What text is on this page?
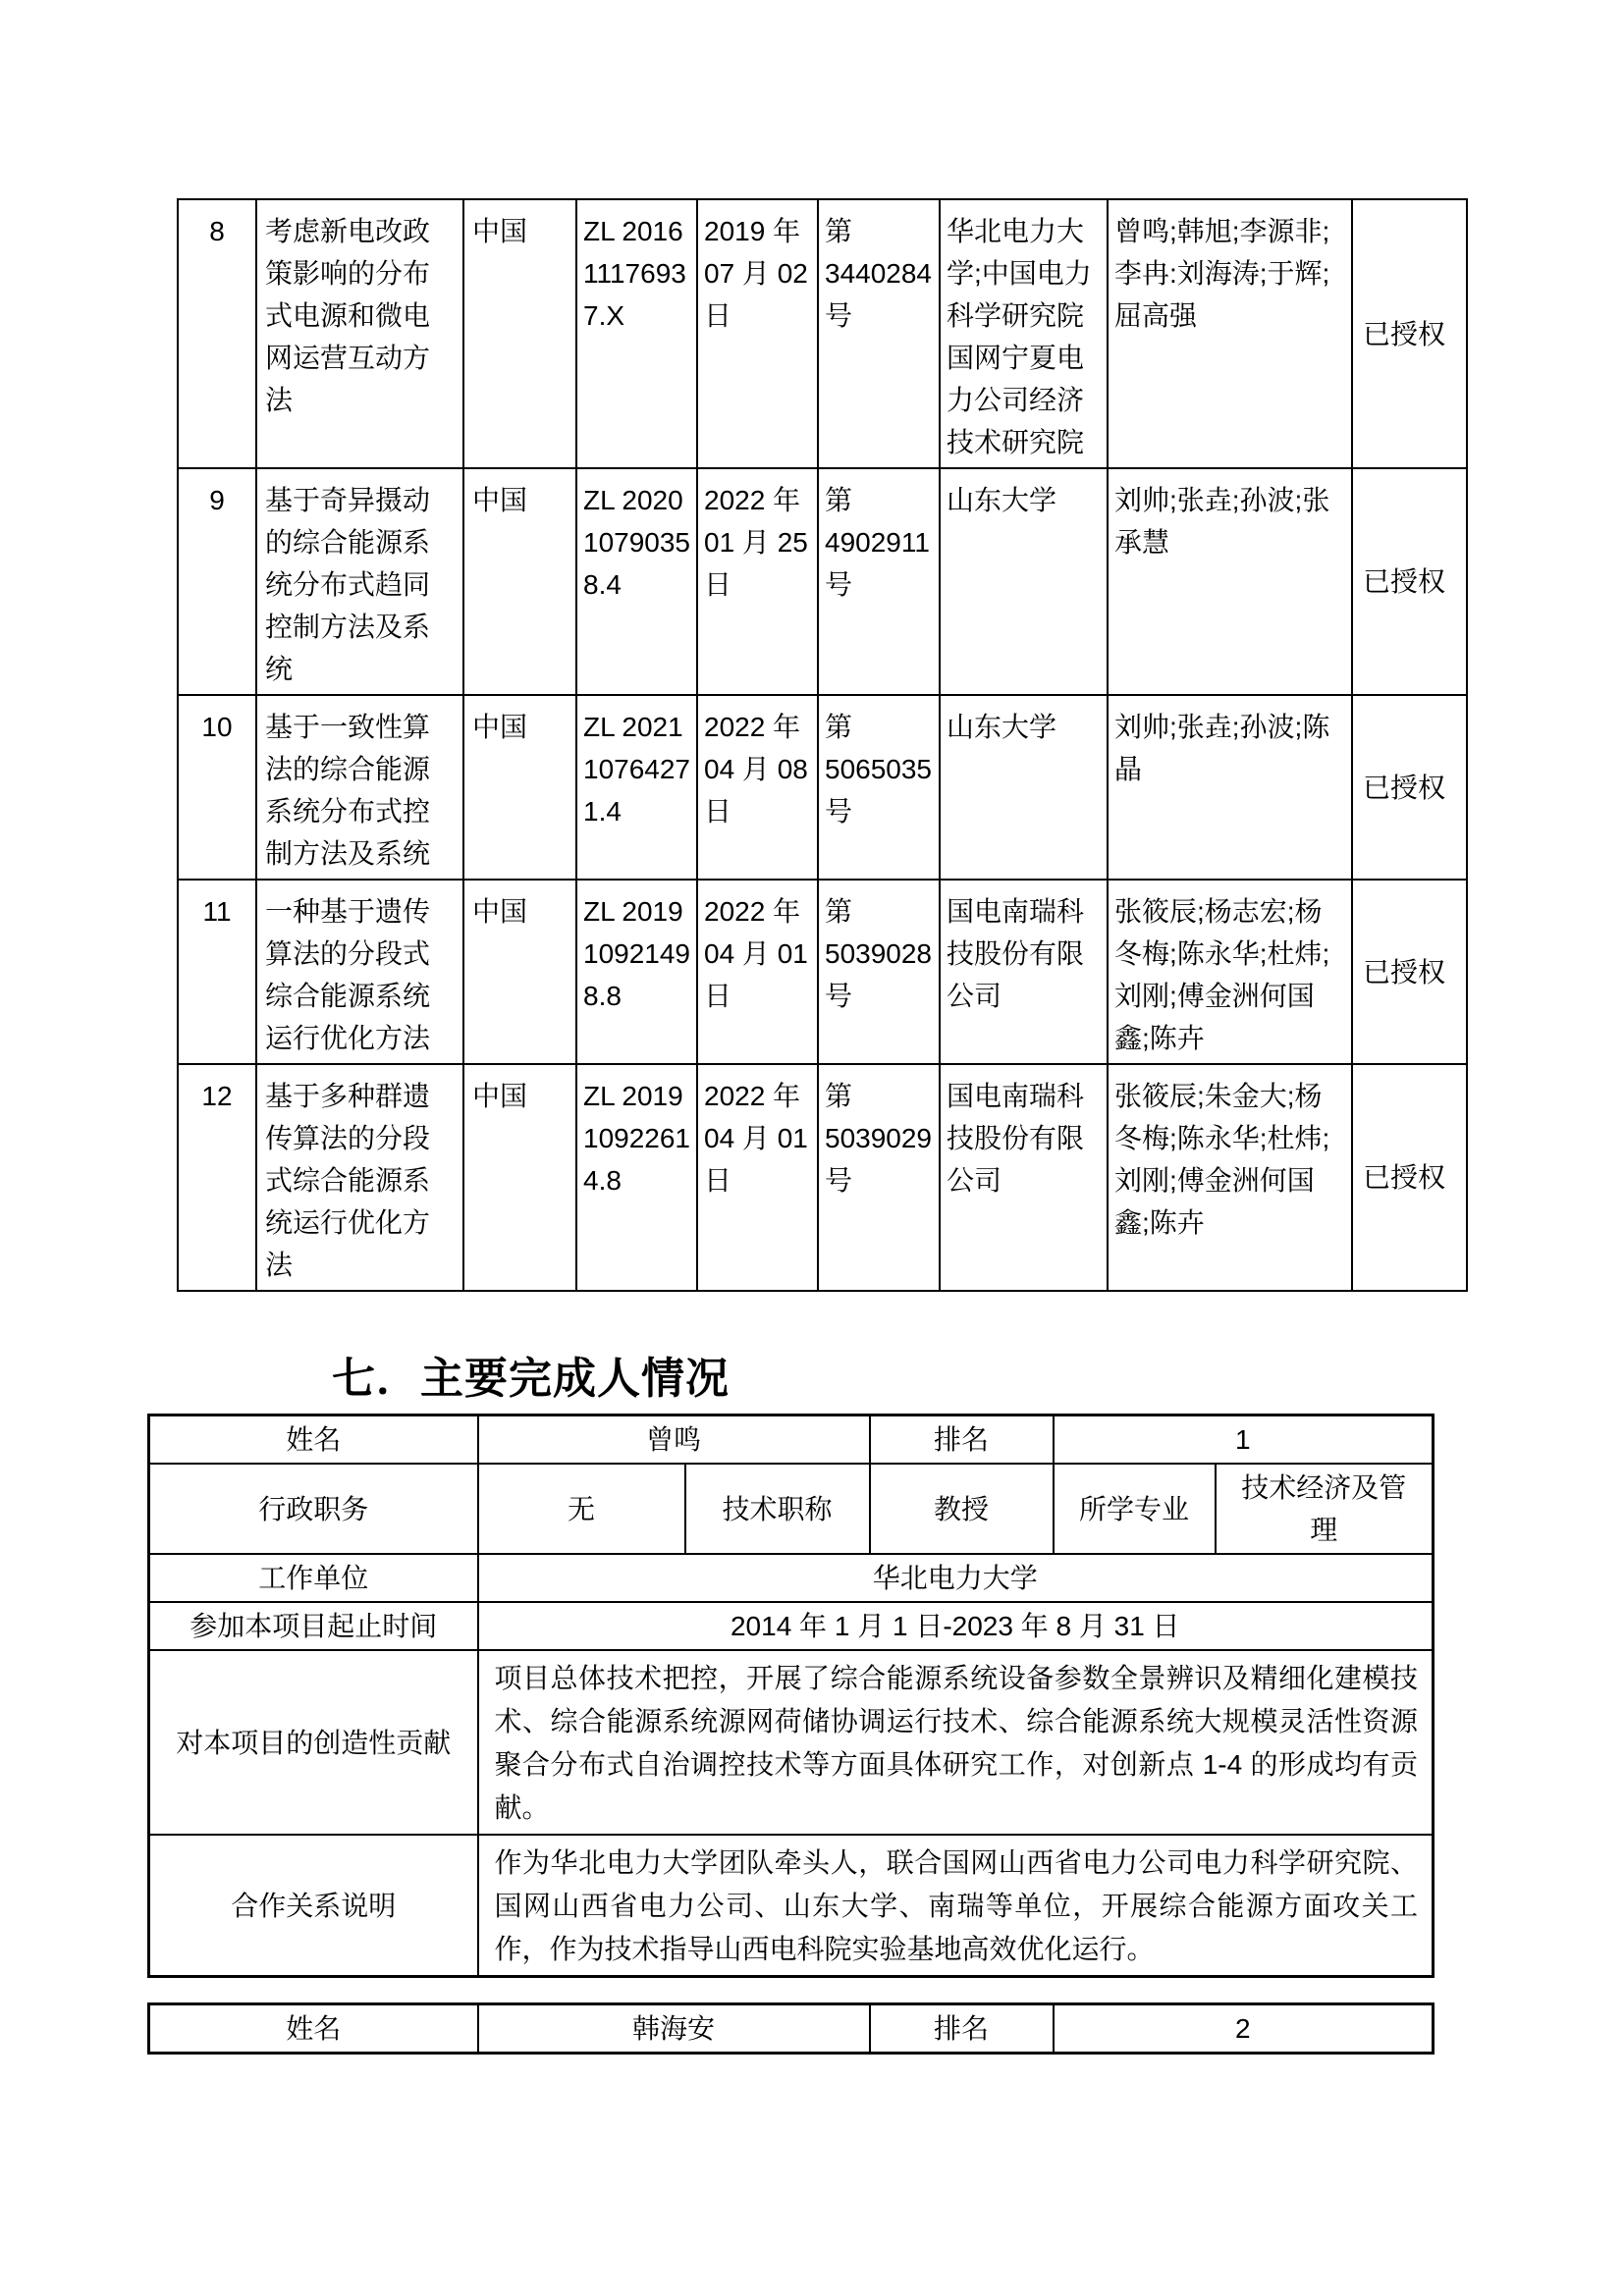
8	考虑新电改政策影响的分布式电源和微电网运营互动方法	中国	ZL 2016 1117693 7.X	2019 年 07 月 02 日	第 3440284 号	华北电力大学;中国电力科学研究院国网宁夏电力公司经济技术研究院	曾鸣;韩旭;李源非;李冉:刘海涛;于辉;屈高强	已授权
9	基于奇异摄动的综合能源系统分布式趋同控制方法及系统	中国	ZL 2020 1079035 8.4	2022 年 01 月 25 日	第 4902911 号	山东大学	刘帅;张垚;孙波;张承慧	已授权
10	基于一致性算法的综合能源系统分布式控制方法及系统	中国	ZL 2021 1076427 1.4	2022 年 04 月 08 日	第 5065035 号	山东大学	刘帅;张垚;孙波;陈晶	已授权
11	一种基于遗传算法的分段式综合能源系统运行优化方法	中国	ZL 2019 1092149 8.8	2022 年 04 月 01 日	第 5039028 号	国电南瑞科技股份有限公司	张筱辰;杨志宏;杨冬梅;陈永华;杜炜;刘刚;傅金洲何国鑫;陈卉	已授权
12	基于多种群遗传算法的分段式综合能源系统运行优化方法	中国	ZL 2019 1092261 4.8	2022 年 04 月 01 日	第 5039029 号	国电南瑞科技股份有限公司	张筱辰;朱金大;杨冬梅;陈永华;杜炜;刘刚;傅金洲何国鑫;陈卉	已授权
七．主要完成人情况
姓名	曾鸣		排名	1	
行政职务	无	技术职称	教授	所学专业	技术经济及管理
工作单位	华北电力大学				
参加本项目起止时间	2014 年 1 月 1 日-2023 年 8 月 31 日				
对本项目的创造性贡献	项目总体技术把控，开展了综合能源系统设备参数全景辨识及精细化建模技术、综合能源系统源网荷储协调运行技术、综合能源系统大规模灵活性资源聚合分布式自治调控技术等方面具体研究工作，对创新点 1-4 的形成均有贡献。				
合作关系说明	作为华北电力大学团队牵头人，联合国网山西省电力公司电力科学研究院、国网山西省电力公司、山东大学、南瑞等单位，开展综合能源方面攻关工作，作为技术指导山西电科院实验基地高效优化运行。				
姓名	韩海安	排名	2
